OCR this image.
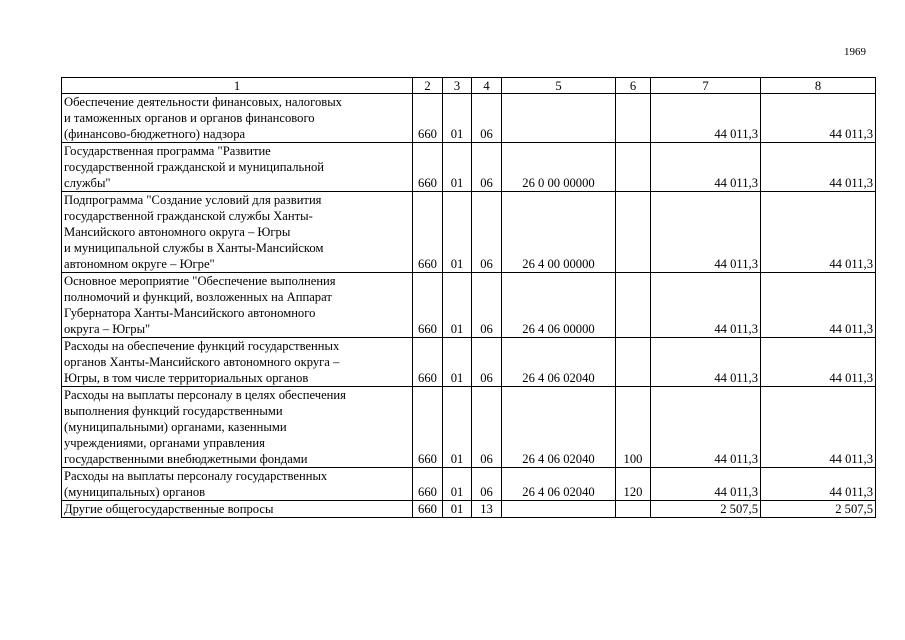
1969
1	2	3	4	5	6	7	8

Обеспечение деятельности финансовых, налоговых
и таможенных органов и органов финансового
(финансово-бюджетного) надзора	660	01	06			44 011,3	44 011,3

Государственная программа "Развитие
государственной гражданской и муниципальной
службы"	660	01	06	26 0 00 00000		44 011,3	44 011,3

Подпрограмма "Создание условий для развития
государственной гражданской службы Ханты-
Мансийского автономного округа – Югры
и муниципальной службы в Ханты-Мансийском
автономном округе – Югре"	660	01	06	26 4 00 00000		44 011,3	44 011,3

Основное мероприятие "Обеспечение выполнения
полномочий и функций, возложенных на Аппарат
Губернатора Ханты-Мансийского автономного
округа – Югры"	660	01	06	26 4 06 00000		44 011,3	44 011,3

Расходы на обеспечение функций государственных
органов Ханты-Мансийского автономного округа –
Югры, в том числе территориальных органов	660	01	06	26 4 06 02040		44 011,3	44 011,3

Расходы на выплаты персоналу в целях обеспечения
выполнения функций государственными
(муниципальными) органами, казенными
учреждениями, органами управления
государственными внебюджетными фондами	660	01	06	26 4 06 02040	100	44 011,3	44 011,3

Расходы на выплаты персоналу государственных
(муниципальных) органов	660	01	06	26 4 06 02040	120	44 011,3	44 011,3

Другие общегосударственные вопросы	660	01	13			2 507,5	2 507,5
